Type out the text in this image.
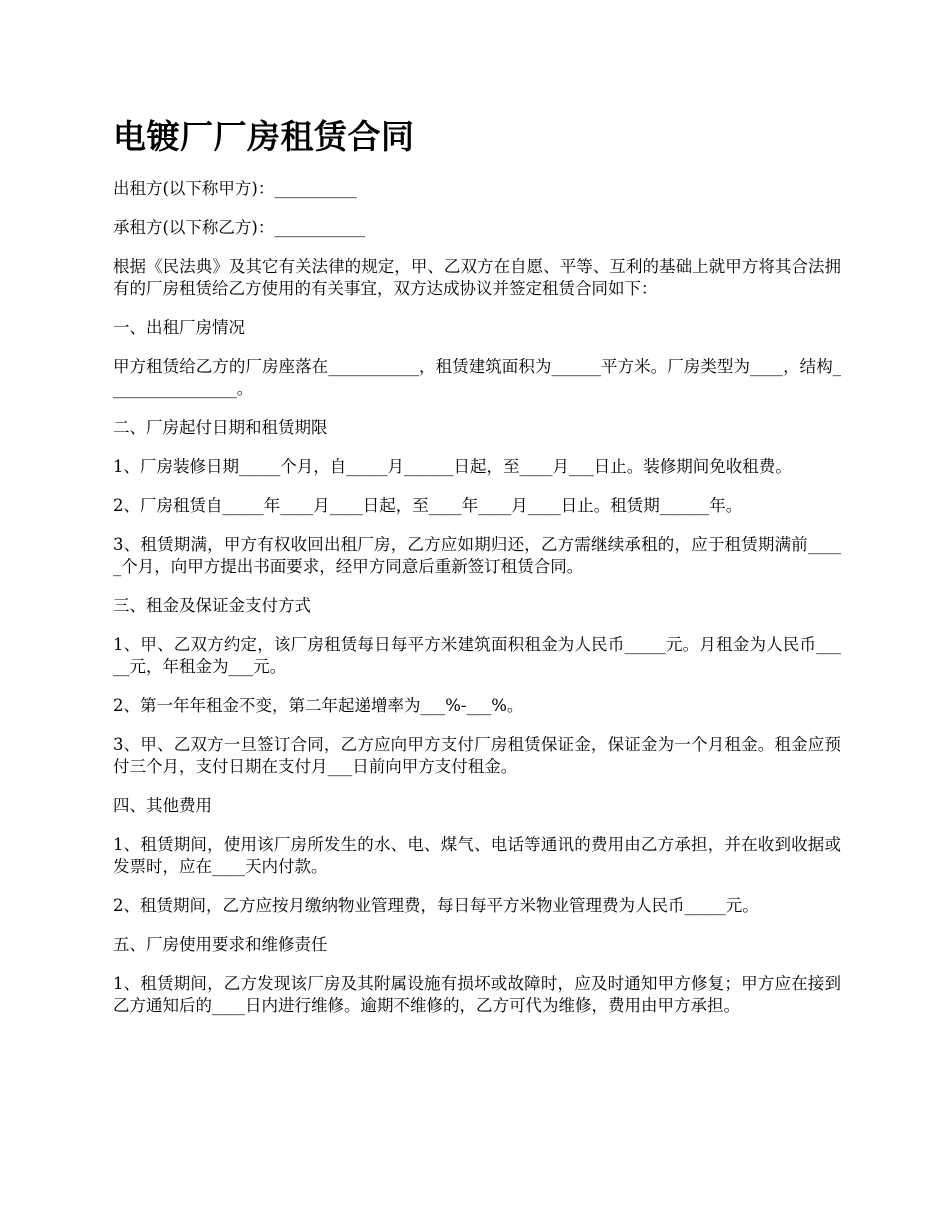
电镀厂厂房租赁合同

出租方(以下称甲方)：__________

承租方(以下称乙方)：___________

根据《民法典》及其它有关法律的规定，甲、乙双方在自愿、平等、互利的基础上就甲方将其合法拥有的厂房租赁给乙方使用的有关事宜，双方达成协议并签定租赁合同如下：

一、出租厂房情况

甲方租赁给乙方的厂房座落在___________，租赁建筑面积为______平方米。厂房类型为____，结构________________。

二、厂房起付日期和租赁期限

1、厂房装修日期_____个月，自_____月______日起，至____月___日止。装修期间免收租费。

2、厂房租赁自_____年____月____日起，至____年____月____日止。租赁期______年。

3、租赁期满，甲方有权收回出租厂房，乙方应如期归还，乙方需继续承租的，应于租赁期满前_____个月，向甲方提出书面要求，经甲方同意后重新签订租赁合同。

三、租金及保证金支付方式

1、甲、乙双方约定，该厂房租赁每日每平方米建筑面积租金为人民币_____元。月租金为人民币_____元，年租金为___元。

2、第一年年租金不变，第二年起递增率为___%-___%。

3、甲、乙双方一旦签订合同，乙方应向甲方支付厂房租赁保证金，保证金为一个月租金。租金应预付三个月，支付日期在支付月___日前向甲方支付租金。

四、其他费用

1、租赁期间，使用该厂房所发生的水、电、煤气、电话等通讯的费用由乙方承担，并在收到收据或发票时，应在____天内付款。

2、租赁期间，乙方应按月缴纳物业管理费，每日每平方米物业管理费为人民币_____元。

五、厂房使用要求和维修责任

1、租赁期间，乙方发现该厂房及其附属设施有损坏或故障时，应及时通知甲方修复；甲方应在接到乙方通知后的____日内进行维修。逾期不维修的，乙方可代为维修，费用由甲方承担。
